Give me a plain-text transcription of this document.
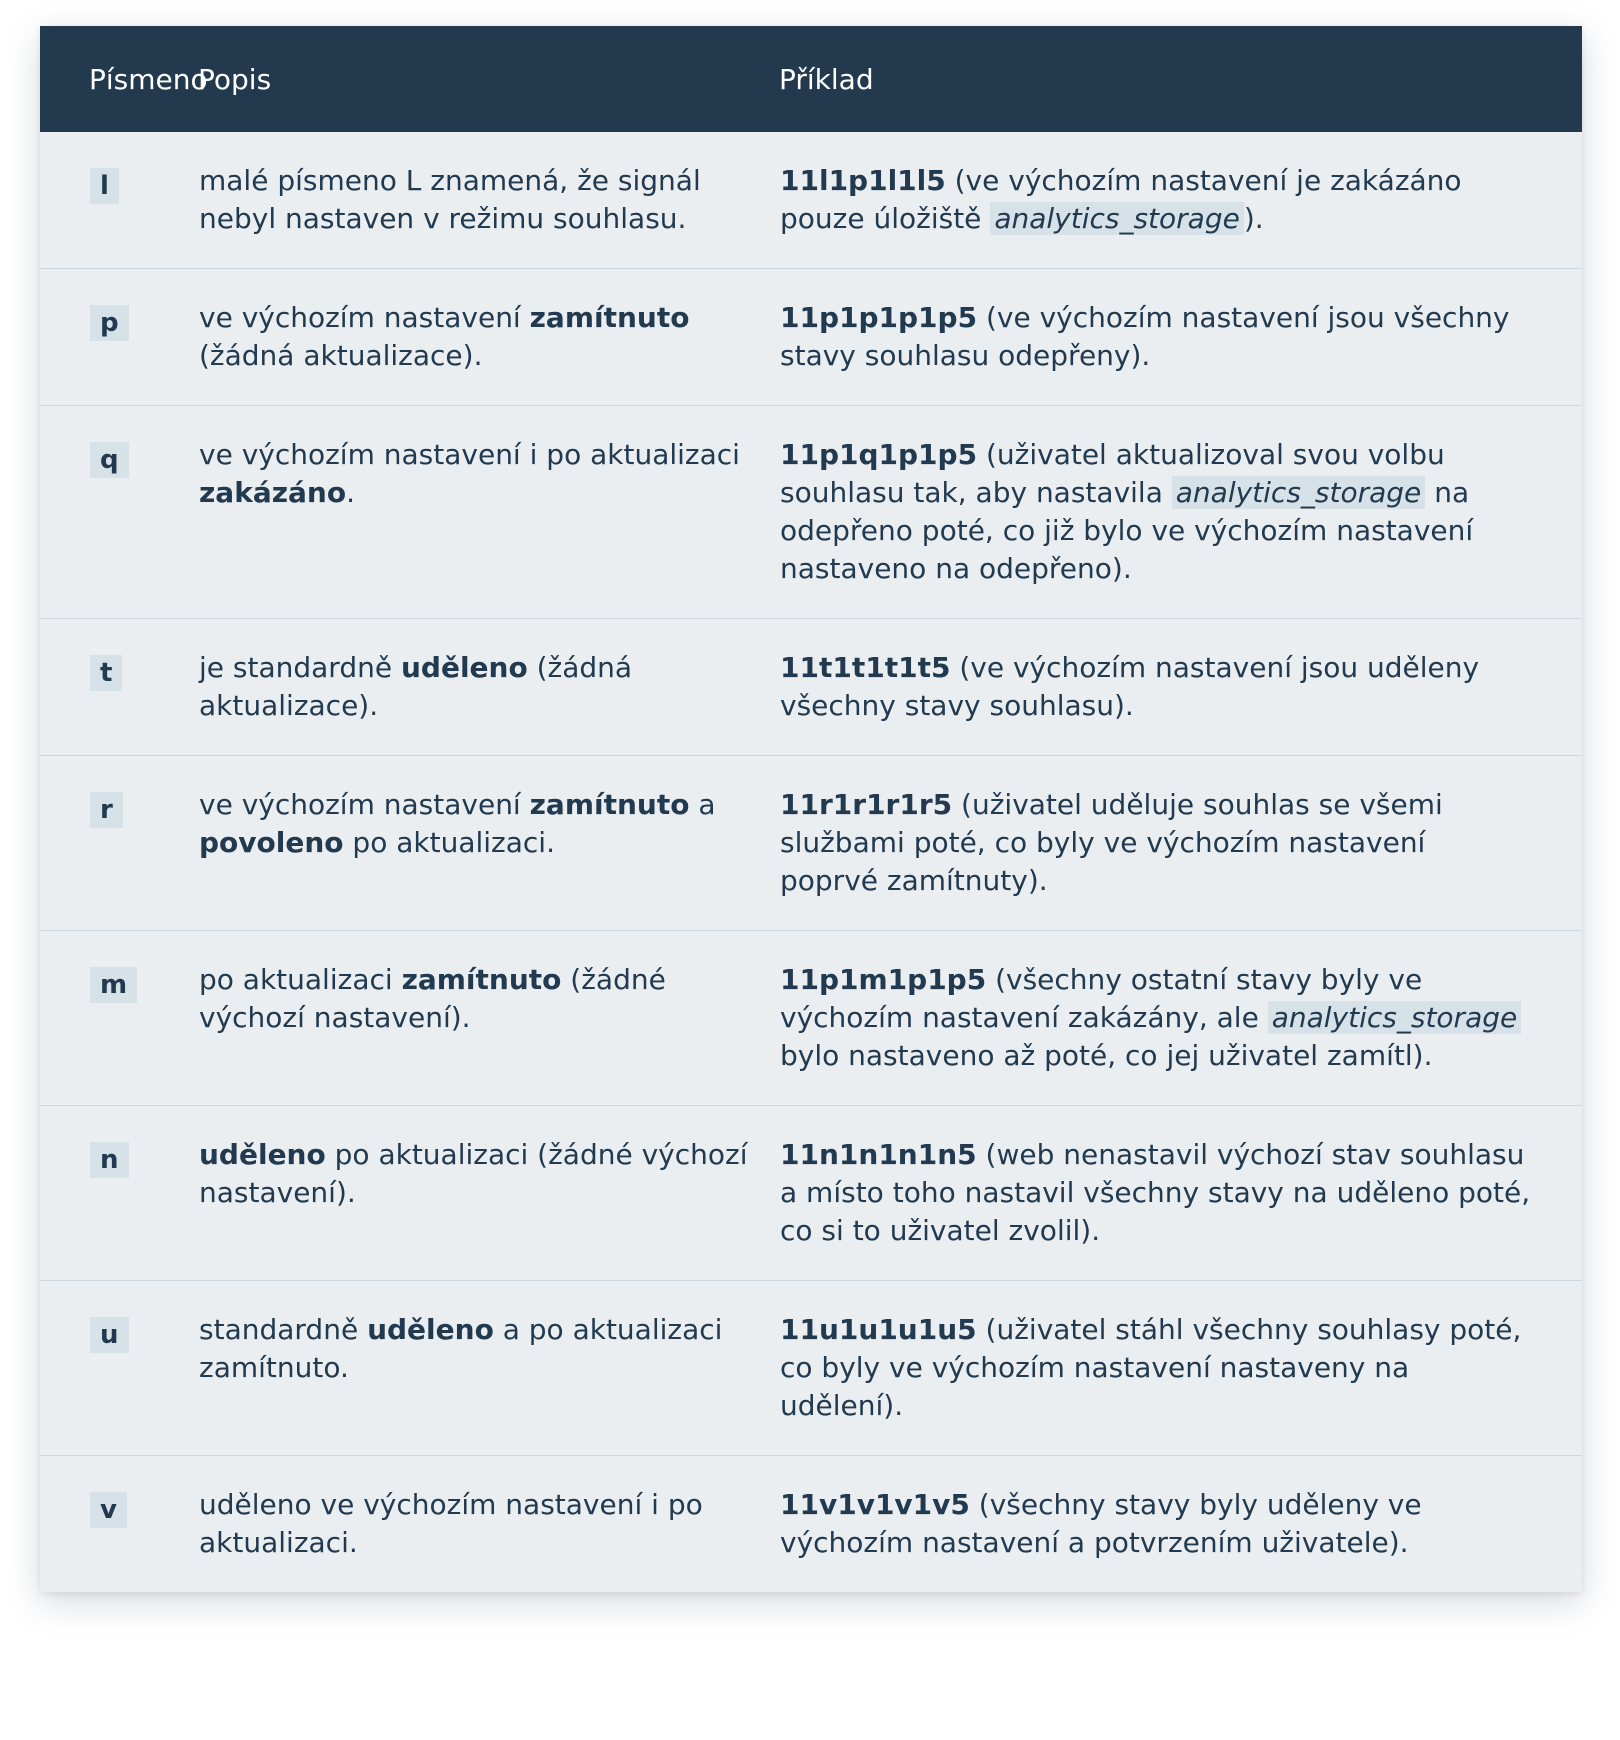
Písmeno	Popis	Příklad
l	malé písmeno L znamená, že signál nebyl nastaven v režimu souhlasu.	11l1p1l1l5 (ve výchozím nastavení je zakázáno pouze úložiště analytics_storage ).
p	ve výchozím nastavení zamítnuto (žádná aktualizace).	11p1p1p1p5 (ve výchozím nastavení jsou všechny stavy souhlasu odepřeny).
q	ve výchozím nastavení i po aktualizaci zakázáno.	11p1q1p1p5 (uživatel aktualizoval svou volbu souhlasu tak, aby nastavila analytics_storage na odepřeno poté, co již bylo ve výchozím nastavení nastaveno na odepřeno).
t	je standardně uděleno (žádná aktualizace).	11t1t1t1t5 (ve výchozím nastavení jsou uděleny všechny stavy souhlasu).
r	ve výchozím nastavení zamítnuto a povoleno po aktualizaci.	11r1r1r1r5 (uživatel uděluje souhlas se všemi službami poté, co byly ve výchozím nastavení poprvé zamítnuty).
m	po aktualizaci zamítnuto (žádné výchozí nastavení).	11p1m1p1p5 (všechny ostatní stavy byly ve výchozím nastavení zakázány, ale analytics_storage bylo nastaveno až poté, co jej uživatel zamítl).
n	uděleno po aktualizaci (žádné výchozí nastavení).	11n1n1n1n5 (web nenastavil výchozí stav souhlasu a místo toho nastavil všechny stavy na uděleno poté, co si to uživatel zvolil).
u	standardně uděleno a po aktualizaci zamítnuto.	11u1u1u1u5 (uživatel stáhl všechny souhlasy poté, co byly ve výchozím nastavení nastaveny na udělení).
v	uděleno ve výchozím nastavení i po aktualizaci.	11v1v1v1v5 (všechny stavy byly uděleny ve výchozím nastavení a potvrzením uživatele).
